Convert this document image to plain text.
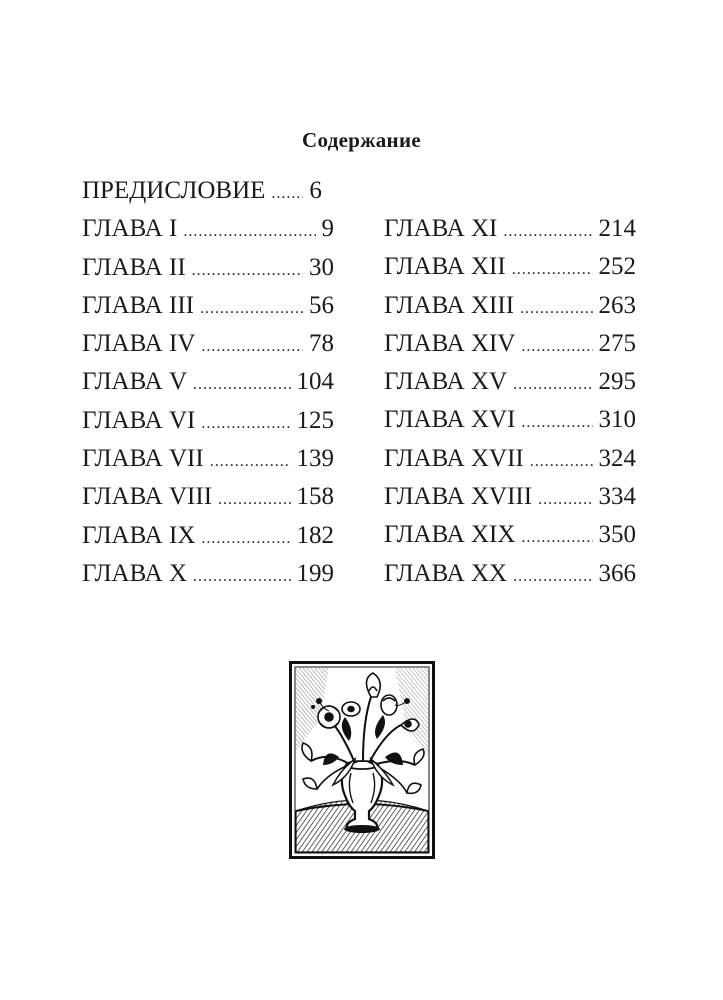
Содержание
ПРЕДИСЛОВИЕ ..... 6
ГЛАВА I .....	9
ГЛАВА II .....	30
ГЛАВА III .....	56
ГЛАВА IV .....	78
ГЛАВА V .....	104
ГЛАВА VI .....	125
ГЛАВА VII .....	139
ГЛАВА VIII .....	158
ГЛАВА IX .....	182
ГЛАВА X .....	199
ГЛАВА XI .....	214
ГЛАВА XII .....	252
ГЛАВА XIII .....	263
ГЛАВА XIV .....	275
ГЛАВА XV .....	295
ГЛАВА XVI .....	310
ГЛАВА XVII .....	324
ГЛАВА XVIII .....	334
ГЛАВА XIX .....	350
ГЛАВА XX .....	366
